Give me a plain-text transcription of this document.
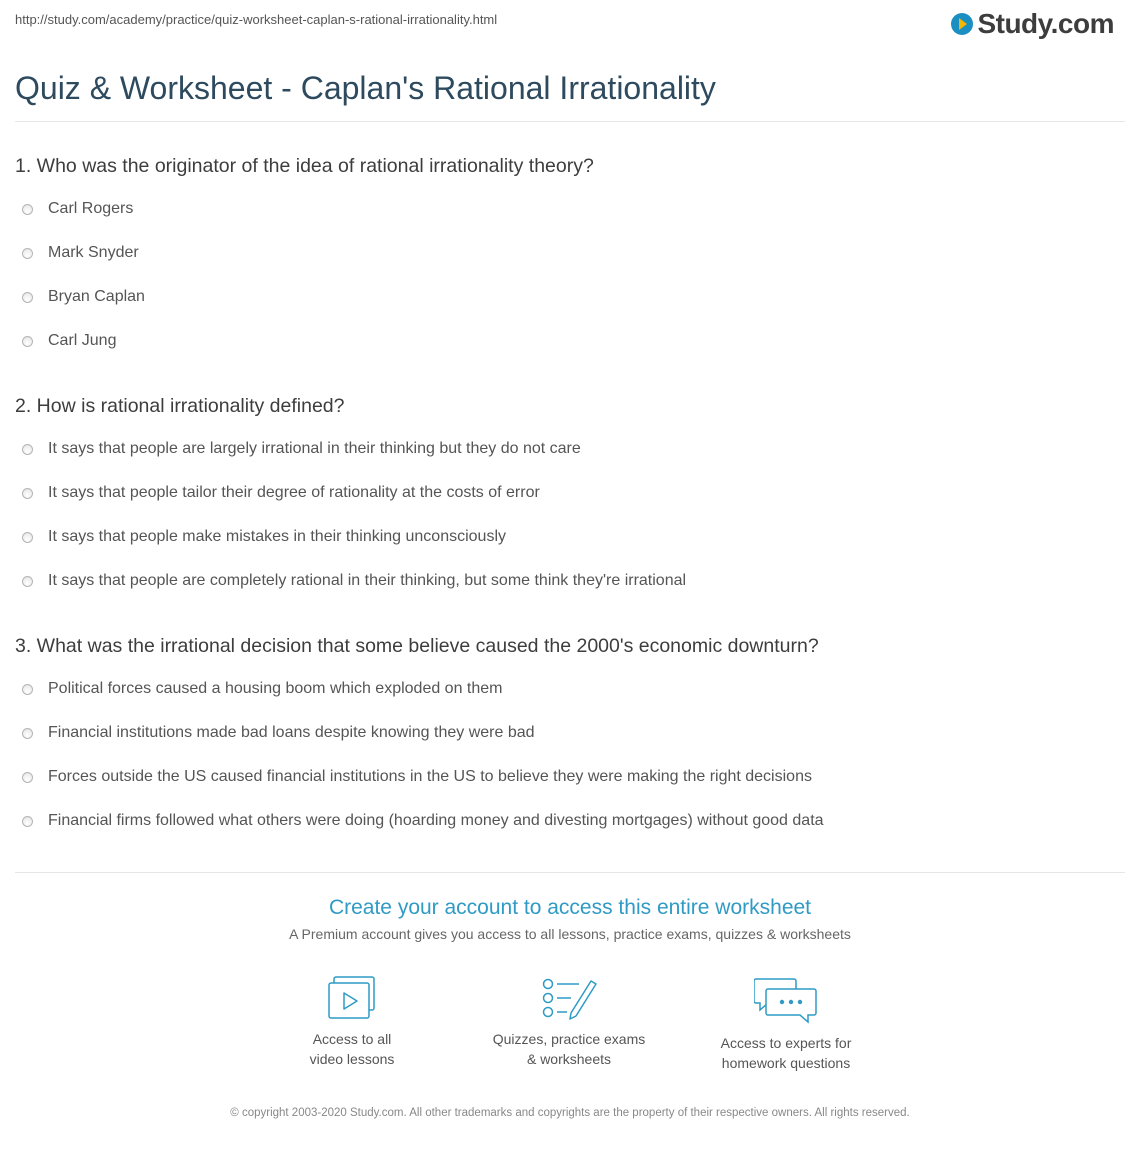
http://study.com/academy/practice/quiz-worksheet-caplan-s-rational-irrationality.html	Study.com
Quiz & Worksheet - Caplan's Rational Irrationality
1. Who was the originator of the idea of rational irrationality theory?
Carl Rogers
Mark Snyder
Bryan Caplan
Carl Jung
2. How is rational irrationality defined?
It says that people are largely irrational in their thinking but they do not care
It says that people tailor their degree of rationality at the costs of error
It says that people make mistakes in their thinking unconsciously
It says that people are completely rational in their thinking, but some think they're irrational
3. What was the irrational decision that some believe caused the 2000's economic downturn?
Political forces caused a housing boom which exploded on them
Financial institutions made bad loans despite knowing they were bad
Forces outside the US caused financial institutions in the US to believe they were making the right decisions
Financial firms followed what others were doing (hoarding money and divesting mortgages) without good data
Create your account to access this entire worksheet
A Premium account gives you access to all lessons, practice exams, quizzes & worksheets
Access to all
video lessons
Quizzes, practice exams
& worksheets
Access to experts for
homework questions
© copyright 2003-2020 Study.com. All other trademarks and copyrights are the property of their respective owners. All rights reserved.
